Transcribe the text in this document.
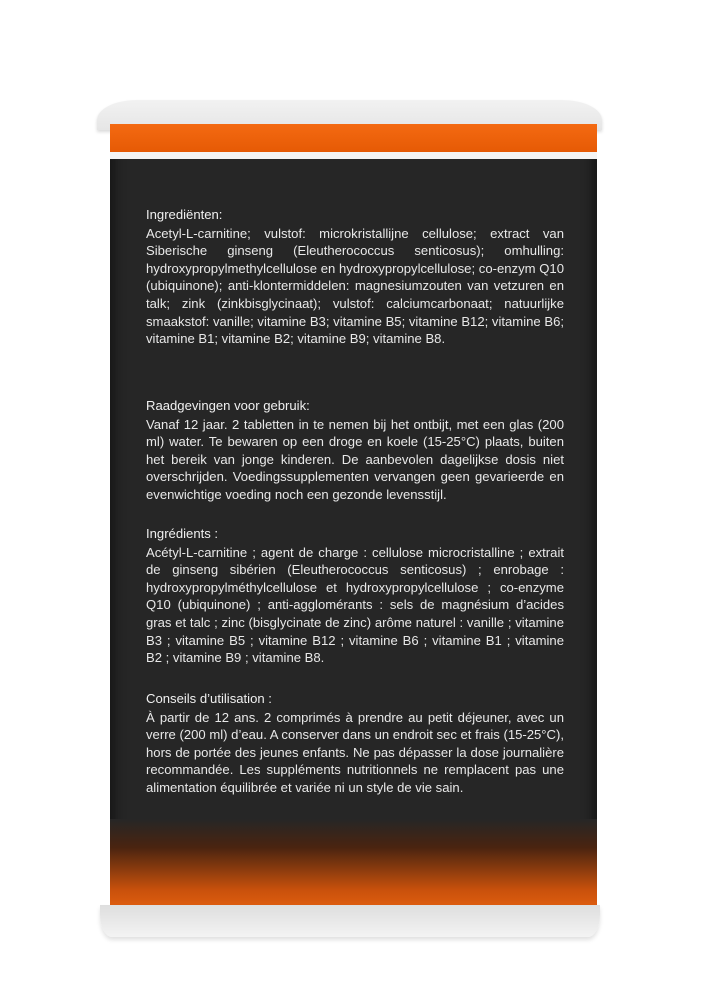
Ingrediënten:
Acetyl-L-carnitine; vulstof: microkristallijne cellulose; extract van Siberische ginseng (Eleutherococcus senticosus); omhulling: hydroxypropylmethylcellulose en hydroxypropylcellulose; co-enzym Q10 (ubiquinone); anti-klontermiddelen: magnesiumzouten van vetzuren en talk; zink (zinkbisglycinaat); vulstof: calciumcarbonaat; natuurlijke smaakstof: vanille; vitamine B3; vitamine B5; vitamine B12; vitamine B6; vitamine B1; vitamine B2; vitamine B9; vitamine B8.
Raadgevingen voor gebruik:
Vanaf 12 jaar. 2 tabletten in te nemen bij het ontbijt, met een glas (200 ml) water. Te bewaren op een droge en koele (15-25°C) plaats, buiten het bereik van jonge kinderen. De aanbevolen dagelijkse dosis niet overschrijden. Voedingssupplementen vervangen geen gevarieerde en evenwichtige voeding noch een gezonde levensstijl.
Ingrédients :
Acétyl-L-carnitine ; agent de charge : cellulose microcristalline ; extrait de ginseng sibérien (Eleutherococcus senticosus) ; enrobage : hydroxypropylméthylcellulose et hydroxypropylcellulose ; co-enzyme Q10 (ubiquinone) ; anti-agglomérants : sels de magnésium d’acides gras et talc ; zinc (bisglycinate de zinc) arôme naturel : vanille ; vitamine B3 ; vitamine B5 ; vitamine B12 ; vitamine B6 ; vitamine B1 ; vitamine B2 ; vitamine B9 ; vitamine B8.
Conseils d’utilisation :
À partir de 12 ans. 2 comprimés à prendre au petit déjeuner, avec un verre (200 ml) d’eau. A conserver dans un endroit sec et frais (15-25°C), hors de portée des jeunes enfants. Ne pas dépasser la dose journalière recommandée. Les suppléments nutritionnels ne remplacent pas une alimentation équilibrée et variée ni un style de vie sain.
